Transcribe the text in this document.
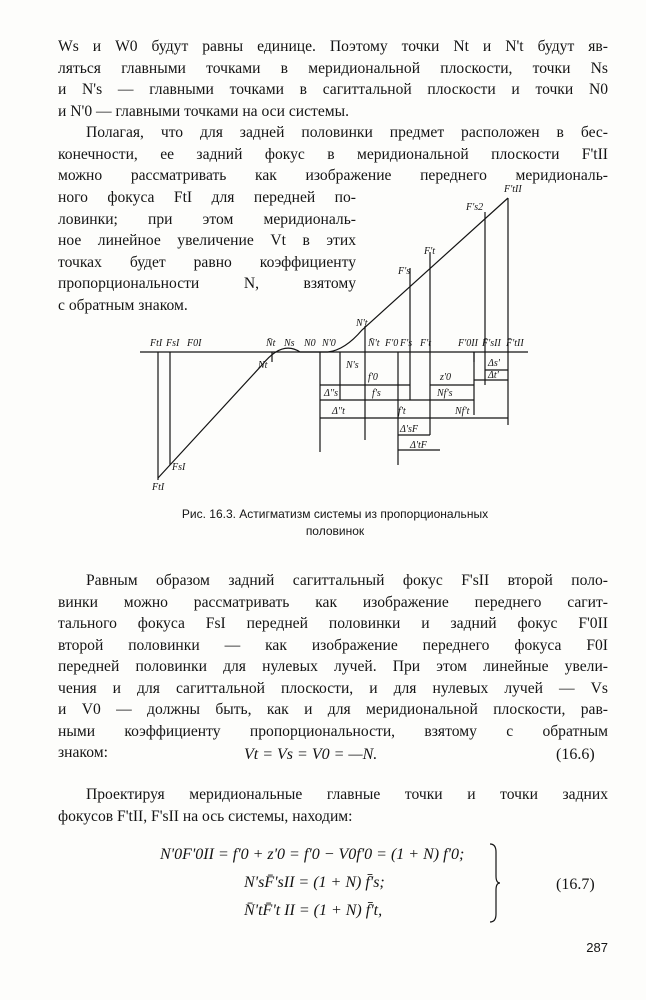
Ws и W0 будут равны единице. Поэтому точки Nt и N't будут яв-
ляться главными точками в меридиональной плоскости, точки Ns
и N's — главными точками в сагиттальной плоскости и точки N0
и N'0 — главными точками на оси системы.
Полагая, что для задней половинки предмет расположен в бес-
конечности, ее задний фокус в меридиональной плоскости F'tII
можно рассматривать как изображение переднего меридиональ-
ного фокуса FtI для передней по-
ловинки; при этом меридиональ-
ное линейное увеличение Vt в этих
точках будет равно коэффициенту
пропорциональности N, взятому
с обратным знаком.
FtI FsI F0I	N̄t Ns N0 N'0	N̄'t F'0 F's F't	F'0II F̄'sII F̄'tII
Nt
N't
N's
f'0
f's
f't
z'0
Nf's
Nf't
Δ''s
Δ''t
Δ'sF
Δ'tF
Δs'
Δt'
FsI
FtI
F's
F't
F's2
F'tII
Рис. 16.3. Астигматизм системы из пропорциональных
половинок
Равным образом задний сагиттальный фокус F'sII второй поло-
винки можно рассматривать как изображение переднего сагит-
тального фокуса FsI передней половинки и задний фокус F'0II
второй половинки — как изображение переднего фокуса F0I
передней половинки для нулевых лучей. При этом линейные увели-
чения и для сагиттальной плоскости, и для нулевых лучей — Vs
и V0 — должны быть, как и для меридиональной плоскости, рав-
ными коэффициенту пропорциональности, взятому с обратным
знаком:	Vt = Vs = V0 = —N.	(16.6)
Проектируя меридиональные главные точки и точки задних
фокусов F'tII, F'sII на ось системы, находим:
N'0F'0II = f'0 + z'0 = f'0 − V0f'0 = (1 + N) f'0;
N'sF̄'sII = (1 + N) f̄'s;
N̄'tF̄'t II = (1 + N) f̄'t,
(16.7)
287
